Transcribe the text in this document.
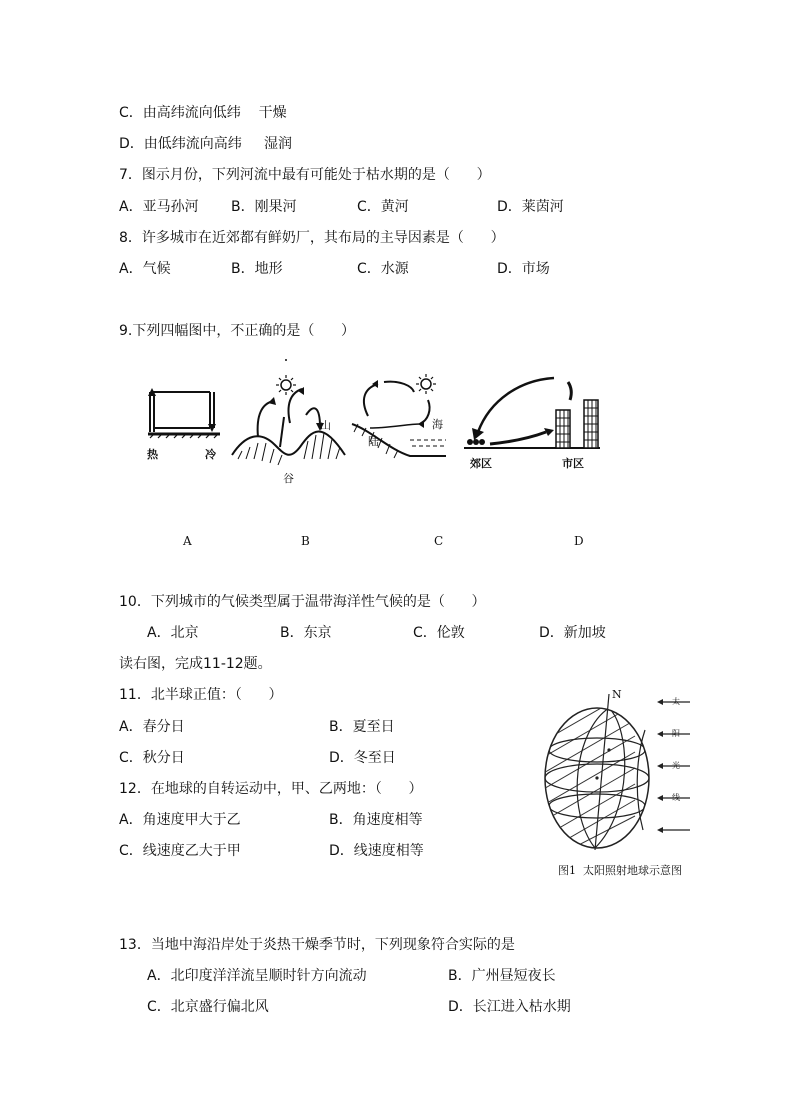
C．由高纬流向低纬    干燥
D．由低纬流向高纬     湿润
7．图示月份，下列河流中最有可能处于枯水期的是（      ）
A．亚马孙河 B．刚果河	C．黄河	D．莱茵河
8．许多城市在近郊都有鲜奶厂，其布局的主导因素是（      ）
A．气候	B．地形	C．水源	D．市场
9.下列四幅图中，不正确的是（      ）
热	冷
谷
山
陆
海
郊区	市区
A	B	C	D
10．下列城市的气候类型属于温带海洋性气候的是（      ）
A．北京	B．东京	C．伦敦	D．新加坡
读右图，完成11-12题。
11．北半球正值：（      ）
A．春分日	B．夏至日
C．秋分日	D．冬至日
12．在地球的自转运动中，甲、乙两地：（      ）
A．角速度甲大于乙	B．角速度相等
C．线速度乙大于甲	D．线速度相等
N
太
阳
光
线
图1  太阳照射地球示意图
13．当地中海沿岸处于炎热干燥季节时，下列现象符合实际的是
A．北印度洋洋流呈顺时针方向流动	B．广州昼短夜长
C．北京盛行偏北风	D．长江进入枯水期
